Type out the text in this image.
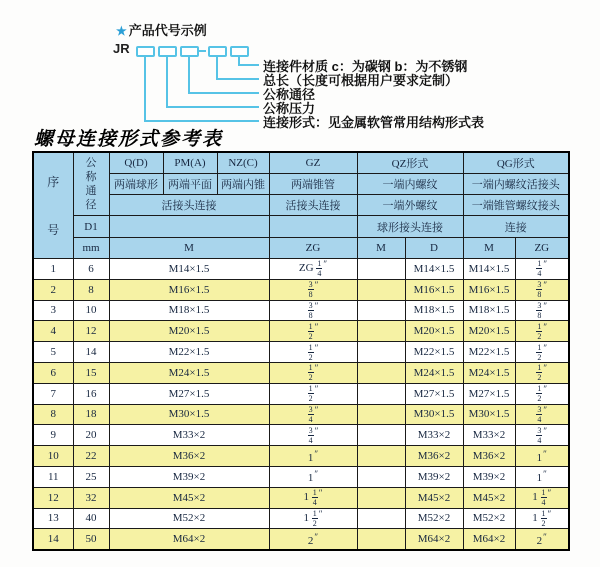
★ 产品代号示例
JR
连接件材质 c：为碳钢 b：为不锈钢
总长（长度可根据用户要求定制）
公称通径
公称压力
连接形式：见金属软管常用结构形式表
螺母连接形式参考表
序
号

公
称
通
径
	Q(D)	PM(A)	NZ(C)	GZ	QZ形式	QG形式
		两端球形	两端平面	两端内锥	两端锥管	一端内螺纹		一端内螺纹活接头	
		活接头连接			活接头连接	一端外螺纹		一端锥管螺纹接头	
	D1					球形接头连接		连接	
	mm	M			ZG	M	D	M	ZG
1	6	M14×1.5			ZG $\frac{1}{4} ''$		M14×1.5	M14×1.5	$\frac{1}{4} ''$
2	8	M16×1.5			$\frac{3}{8} ''$		M16×1.5	M16×1.5	$\frac{3}{8} ''$
3	10	M18×1.5			$\frac{3}{8} ''$		M18×1.5	M18×1.5	$\frac{3}{8} ''$
4	12	M20×1.5			$\frac{1}{2} ''$		M20×1.5	M20×1.5	$\frac{1}{2} ''$
5	14	M22×1.5			$\frac{1}{2} ''$		M22×1.5	M22×1.5	$\frac{1}{2} ''$
6	15	M24×1.5			$\frac{1}{2} ''$		M24×1.5	M24×1.5	$\frac{1}{2} ''$
7	16	M27×1.5			$\frac{1}{2} ''$		M27×1.5	M27×1.5	$\frac{1}{2} ''$
8	18	M30×1.5			$\frac{3}{4} ''$		M30×1.5	M30×1.5	$\frac{3}{4} ''$
9	20	M33×2			$\frac{3}{4} ''$		M33×2	M33×2	$\frac{3}{4} ''$
10	22	M36×2			1″		M36×2	M36×2	1″
11	25	M39×2			1″		M39×2	M39×2	1″
12	32	M45×2			$1 \frac{1}{4} ''$		M45×2	M45×2	$1 \frac{1}{4} ''$
13	40	M52×2			$1 \frac{1}{2} ''$		M52×2	M52×2	$1 \frac{1}{2} ''$
14	50	M64×2			2″		M64×2	M64×2	2″
